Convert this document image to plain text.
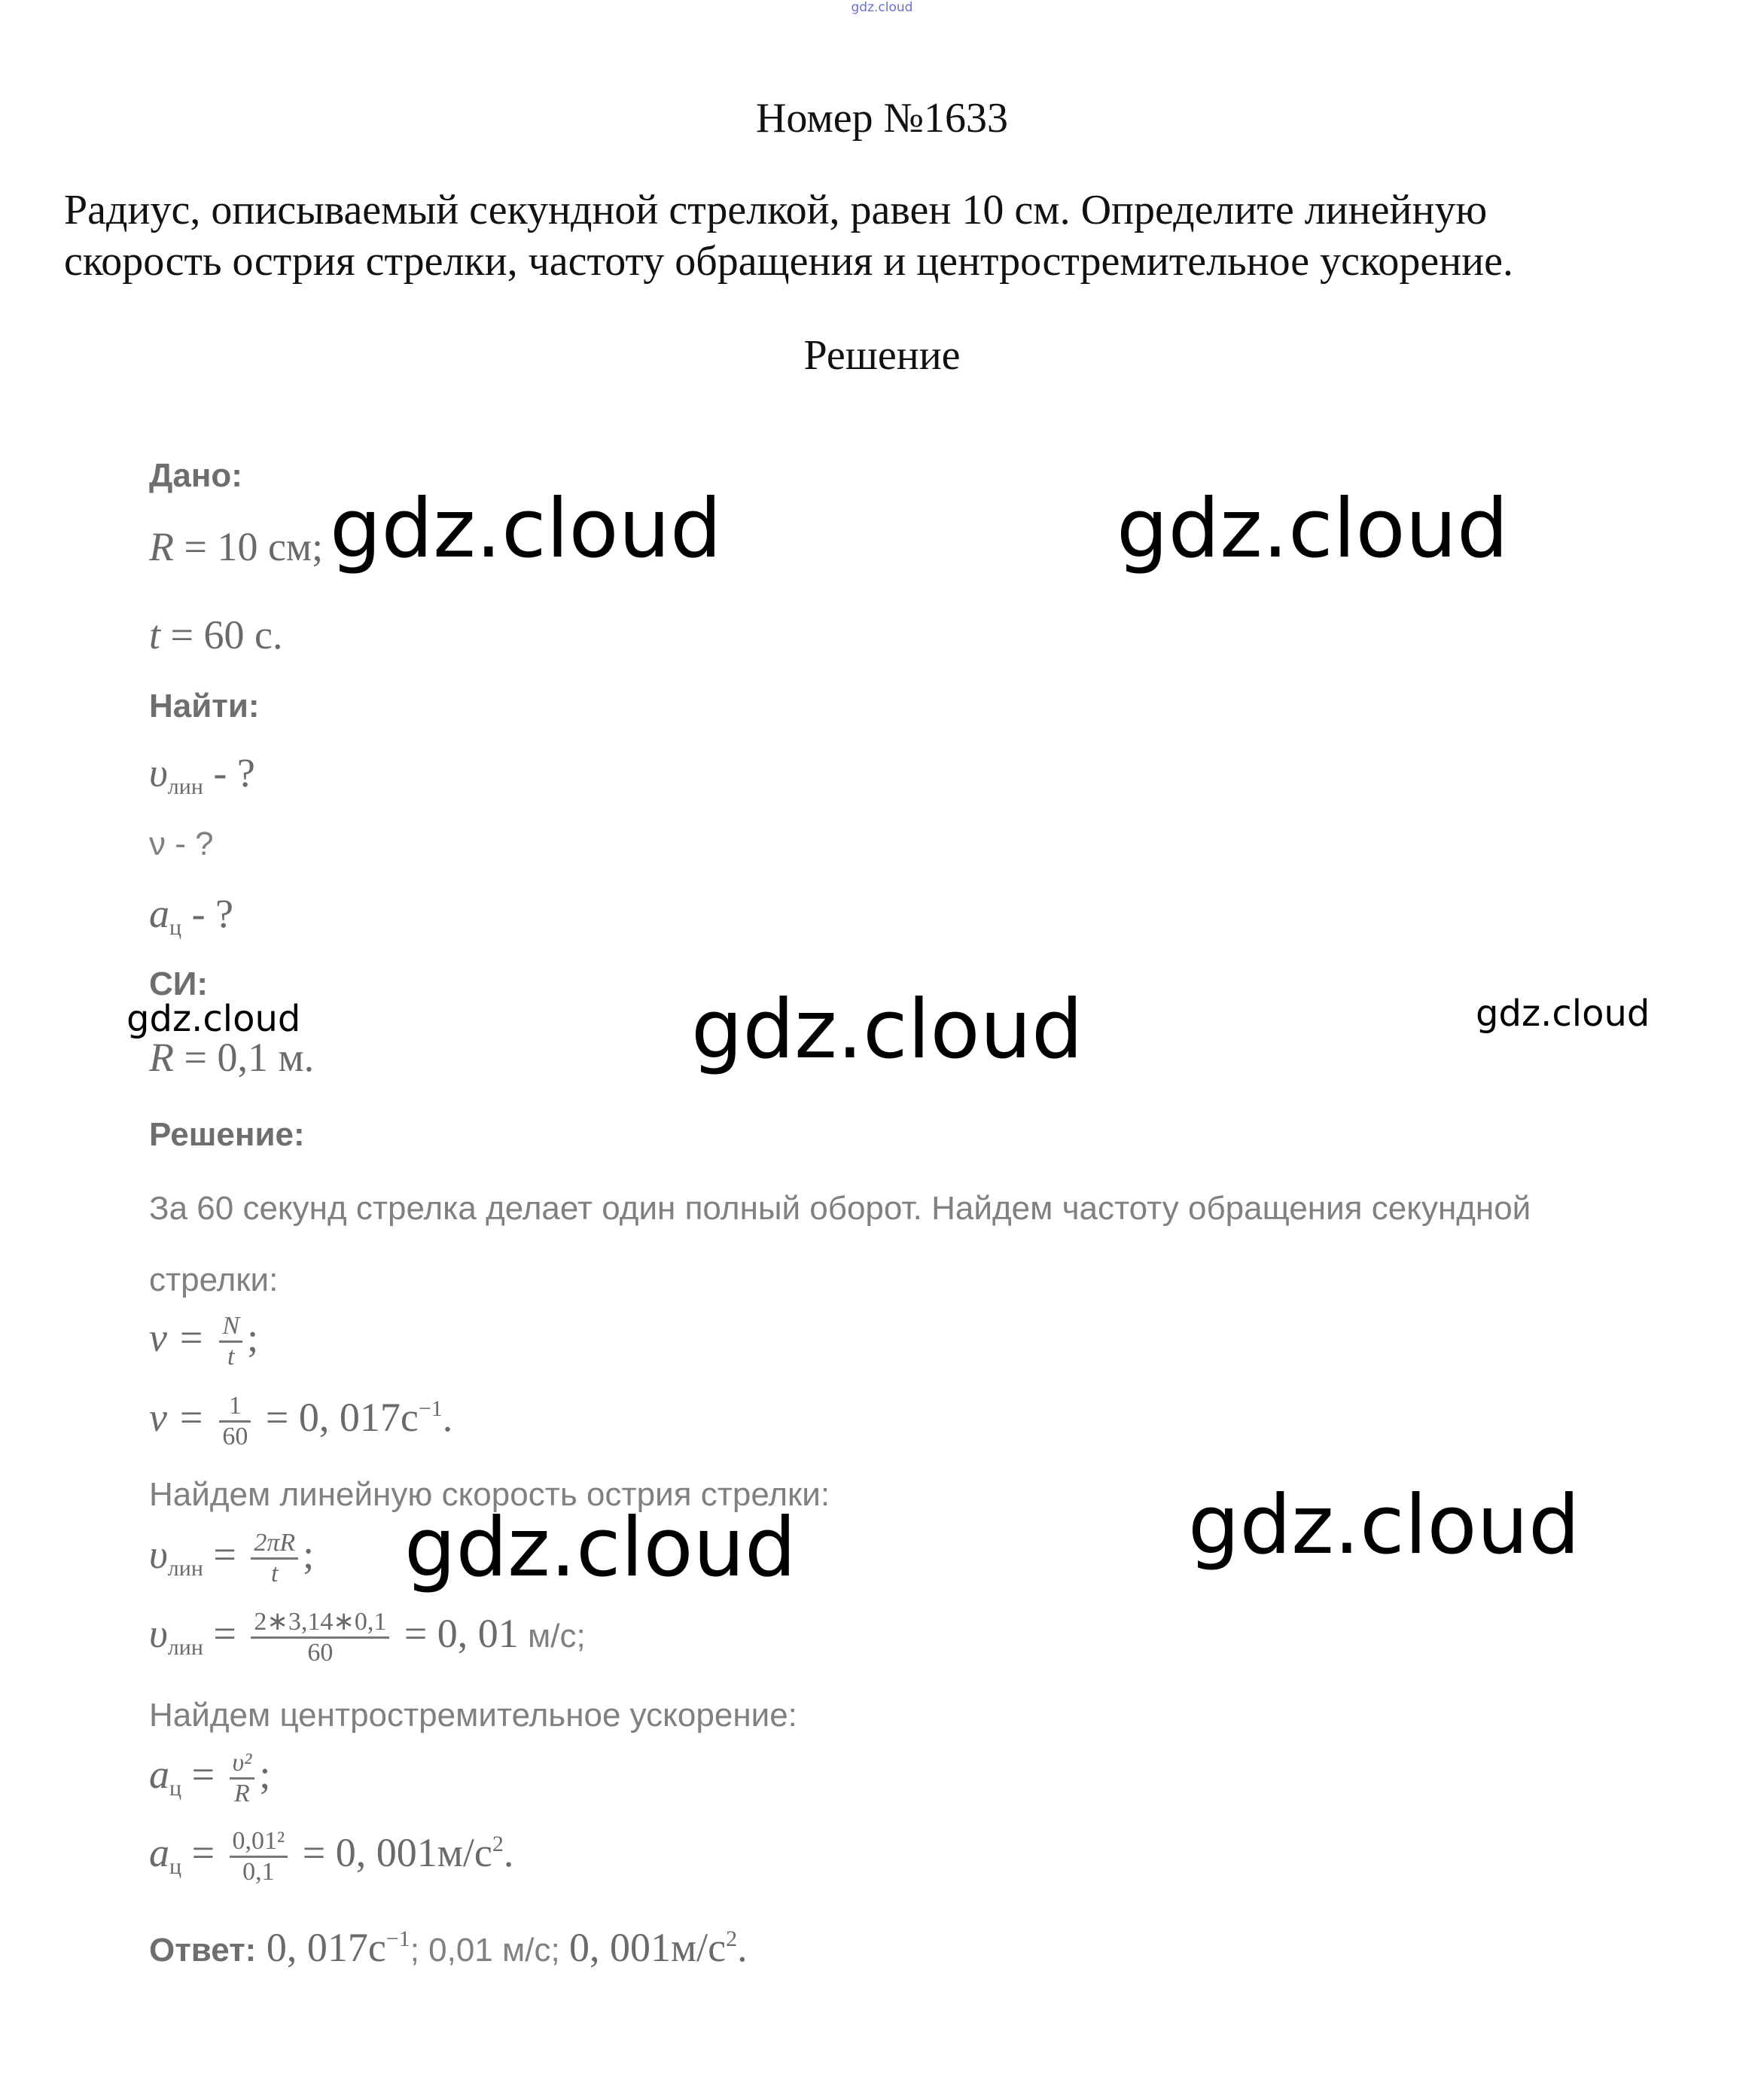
gdz.cloud
Номер №1633
Радиус, описываемый секундной стрелкой, равен 10 см. Определите линейную
скорость острия стрелки, частоту обращения и центростремительное ускорение.
Решение
Дано:
R = 10 см;
t = 60 с.
Найти:
$\upsilon_{лин}$ - ?
ν - ?
$a_ц$ - ?
СИ:
R = 0,1 м.
Решение:
За 60 секунд стрелка делает один полный оборот. Найдем частоту обращения секундной
стрелки:
$\nu = \frac{N}{t}$ ;
$\nu = \frac{1}{60} = 0$, $017с^{-1}$.
Найдем линейную скорость острия стрелки:
$\upsilon_{лин} = \frac{2\pi R}{t}$ ;
$\upsilon_{лин} = \frac{2∗3,14∗0,1}{60} = 0$, 01 м/с;
Найдем центростремительное ускорение:
$a_ц = \frac{\text{υ²}}{R}$ ;
$a_ц = \frac{\text{0,01²}}{0,1} = 0$, $001м/с^2$.
Ответ: 0, $017с^{-1}$; 0,01 м/с; 0, $001м/с^2$.
gdz.cloud	gdz.cloud
gdz.cloud	gdz.cloud	gdz.cloud
gdz.cloud	gdz.cloud
